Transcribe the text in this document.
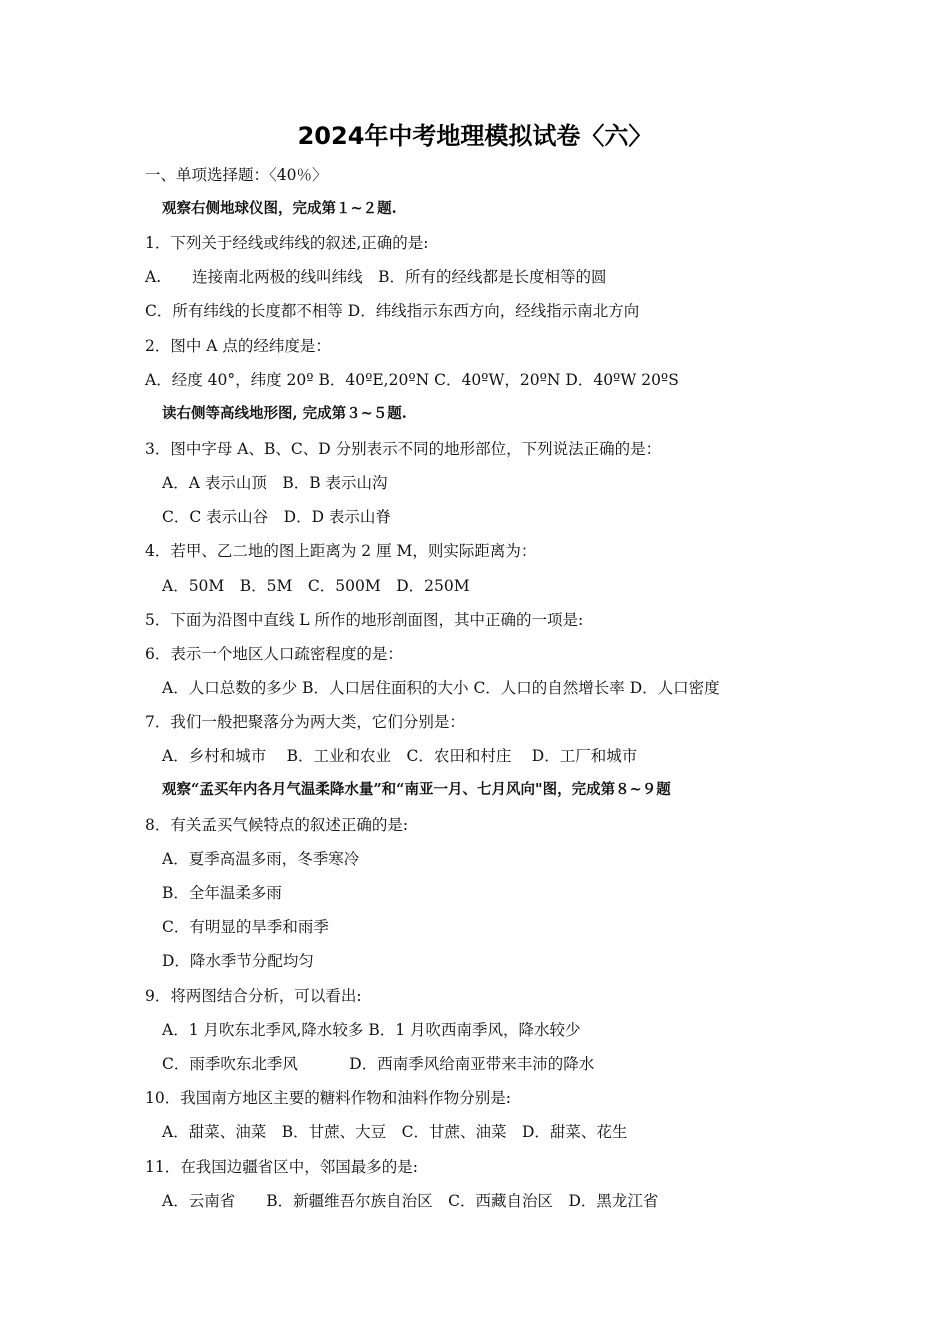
2024年中考地理模拟试卷〈六〉
一、单项选择题：〈40％〉
观察右侧地球仪图，完成第１~２题.
1．下列关于经线或纬线的叙述,正确的是:
A.　　连接南北两极的线叫纬线　B．所有的经线都是长度相等的圆
C．所有纬线的长度都不相等 D．纬线指示东西方向，经线指示南北方向
2．图中 A 点的经纬度是：
A．经度 40°，纬度 20º B．40ºE,20ºN C．40ºW，20ºN D．40ºW 20ºS
读右侧等高线地形图, 完成第３~５题.
3．图中字母 A、B、C、D 分别表示不同的地形部位，下列说法正确的是：
A．A 表示山顶　B．B 表示山沟
C．C 表示山谷　D．D 表示山脊
4．若甲、乙二地的图上距离为 2 厘 M，则实际距离为：
A．50M　B．5M　C．500M　D．250M
5．下面为沿图中直线 L 所作的地形剖面图，其中正确的一项是:
6．表示一个地区人口疏密程度的是：
A．人口总数的多少 B．人口居住面积的大小 C．人口的自然增长率 D．人口密度
7．我们一般把聚落分为两大类，它们分别是：
A．乡村和城市　 B．工业和农业　C．农田和村庄　 D．工厂和城市
观察“孟买年内各月气温柔降水量”和“南亚一月、七月风向"图，完成第８~９题
8．有关孟买气候特点的叙述正确的是:
A．夏季高温多雨，冬季寒冷
B．全年温柔多雨
C．有明显的旱季和雨季
D．降水季节分配均匀
9．将两图结合分析，可以看出:
A．1 月吹东北季风,降水较多 B．1 月吹西南季风，降水较少
C．雨季吹东北季风　　　 D．西南季风给南亚带来丰沛的降水
10．我国南方地区主要的糖料作物和油料作物分别是:
A．甜菜、油菜　B．甘蔗、大豆　C．甘蔗、油菜　D．甜菜、花生
11．在我国边疆省区中，邻国最多的是:
A．云南省　　B．新疆维吾尔族自治区　C．西藏自治区　D．黑龙江省
